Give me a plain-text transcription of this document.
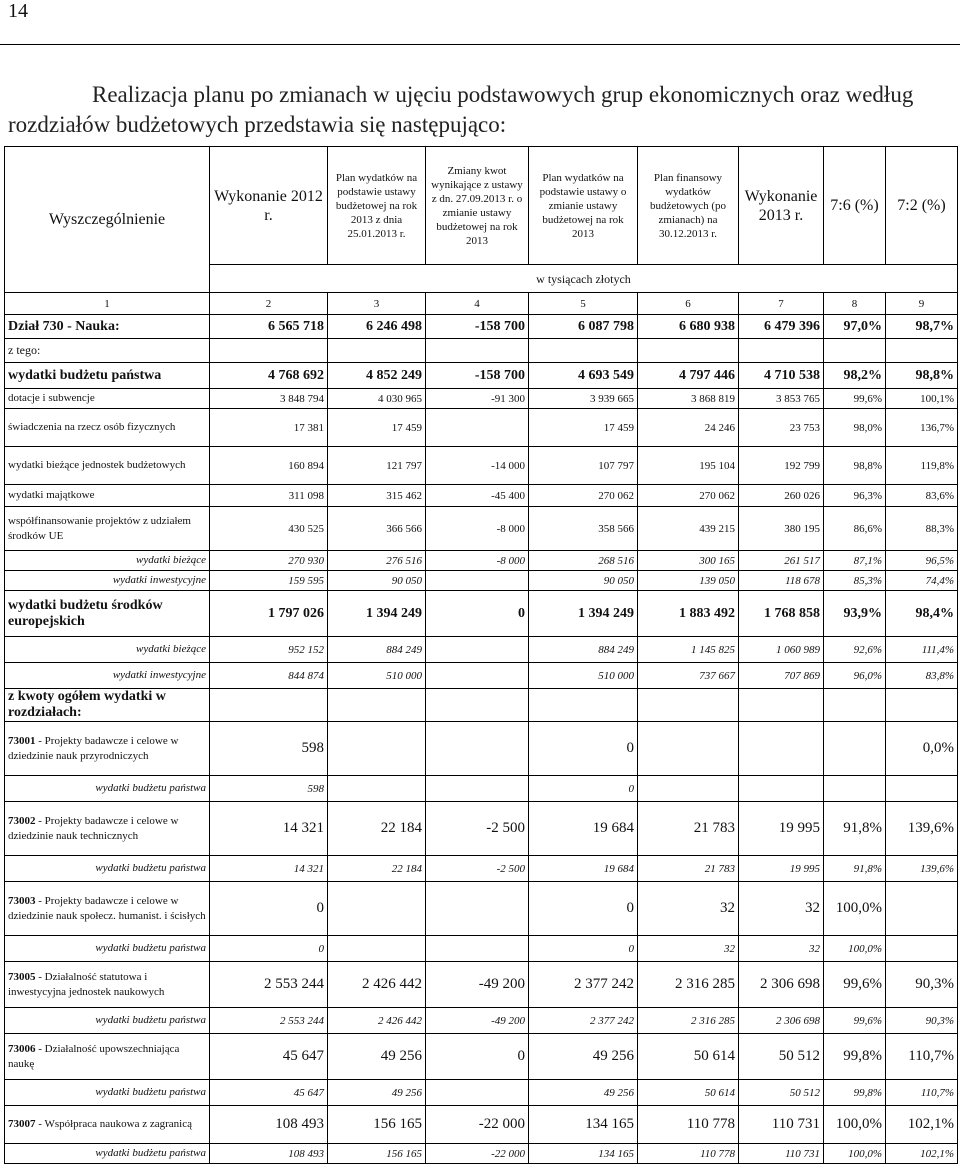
14
Realizacja planu po zmianach w ujęciu podstawowych grup ekonomicznych oraz według rozdziałów budżetowych przedstawia się następująco:
Wyszczególnienie	Wykonanie 2012 r.	Plan wydatków na podstawie ustawy budżetowej na rok 2013 z dnia 25.01.2013 r.	Zmiany kwot wynikające z ustawy z dn. 27.09.2013 r. o zmianie ustawy budżetowej na rok 2013	Plan wydatków na podstawie ustawy o zmianie ustawy budżetowej na rok 2013	Plan finansowy wydatków budżetowych (po zmianach) na 30.12.2013 r.	Wykonanie 2013 r.	7:6 (%)	7:2 (%)
	w tysiącach złotych							
1	2	3	4	5	6	7	8	9
Dział 730 - Nauka:	6 565 718	6 246 498	-158 700	6 087 798	6 680 938	6 479 396	97,0%	98,7%
z tego:								
wydatki budżetu państwa	4 768 692	4 852 249	-158 700	4 693 549	4 797 446	4 710 538	98,2%	98,8%
dotacje i subwencje	3 848 794	4 030 965	-91 300	3 939 665	3 868 819	3 853 765	99,6%	100,1%
świadczenia na rzecz osób fizycznych	17 381	17 459		17 459	24 246	23 753	98,0%	136,7%
wydatki bieżące jednostek budżetowych	160 894	121 797	-14 000	107 797	195 104	192 799	98,8%	119,8%
wydatki majątkowe	311 098	315 462	-45 400	270 062	270 062	260 026	96,3%	83,6%
współfinansowanie projektów z udziałem środków UE	430 525	366 566	-8 000	358 566	439 215	380 195	86,6%	88,3%
wydatki bieżące	270 930	276 516	-8 000	268 516	300 165	261 517	87,1%	96,5%
wydatki inwestycyjne	159 595	90 050		90 050	139 050	118 678	85,3%	74,4%
wydatki budżetu środków europejskich	1 797 026	1 394 249	0	1 394 249	1 883 492	1 768 858	93,9%	98,4%
wydatki bieżące	952 152	884 249		884 249	1 145 825	1 060 989	92,6%	111,4%
wydatki inwestycyjne	844 874	510 000		510 000	737 667	707 869	96,0%	83,8%
z kwoty ogółem wydatki w rozdziałach:								
73001 - Projekty badawcze i celowe w dziedzinie nauk przyrodniczych	598			0				0,0%
wydatki budżetu państwa	598			0				
73002 - Projekty badawcze i celowe w dziedzinie nauk technicznych	14 321	22 184	-2 500	19 684	21 783	19 995	91,8%	139,6%
wydatki budżetu państwa	14 321	22 184	-2 500	19 684	21 783	19 995	91,8%	139,6%
73003 - Projekty badawcze i celowe w dziedzinie nauk społecz. humanist. i ścisłych	0			0	32	32	100,0%	
wydatki budżetu państwa	0			0	32	32	100,0%	
73005 - Działalność statutowa i inwestycyjna jednostek naukowych	2 553 244	2 426 442	-49 200	2 377 242	2 316 285	2 306 698	99,6%	90,3%
wydatki budżetu państwa	2 553 244	2 426 442	-49 200	2 377 242	2 316 285	2 306 698	99,6%	90,3%
73006 - Działalność upowszechniająca naukę	45 647	49 256	0	49 256	50 614	50 512	99,8%	110,7%
wydatki budżetu państwa	45 647	49 256		49 256	50 614	50 512	99,8%	110,7%
73007 - Współpraca naukowa z zagranicą	108 493	156 165	-22 000	134 165	110 778	110 731	100,0%	102,1%
wydatki budżetu państwa	108 493	156 165	-22 000	134 165	110 778	110 731	100,0%	102,1%
